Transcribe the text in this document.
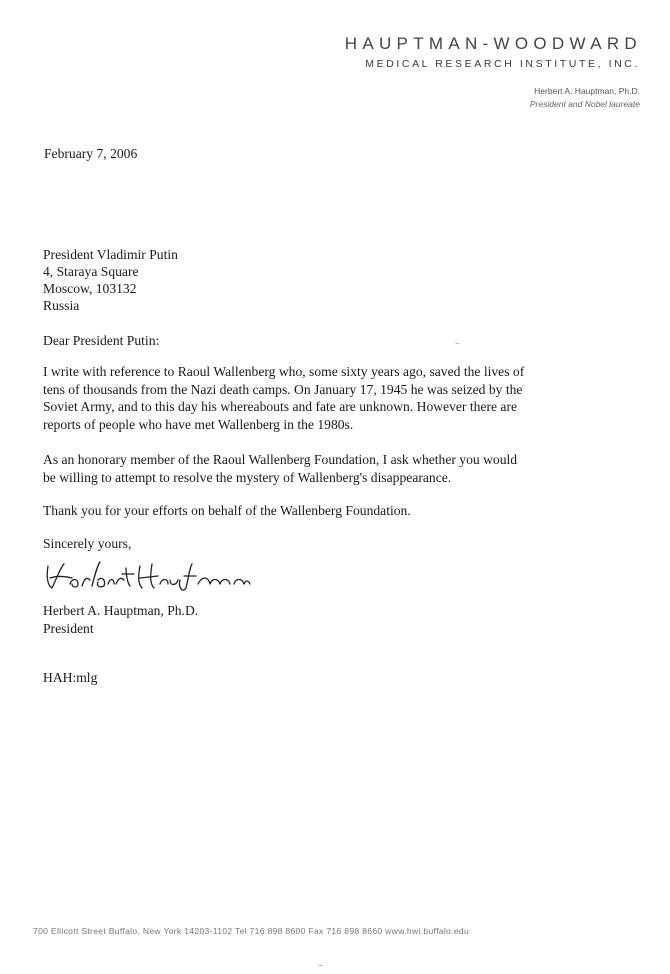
HAUPTMAN-WOODWARD
MEDICAL RESEARCH INSTITUTE, INC.
Herbert A. Hauptman, Ph.D.
President and Nobel laureate
February 7, 2006
President Vladimir Putin
4, Staraya Square
Moscow, 103132
Russia
Dear President Putin:
I write with reference to Raoul Wallenberg who, some sixty years ago, saved the lives of
tens of thousands from the Nazi death camps. On January 17, 1945 he was seized by the
Soviet Army, and to this day his whereabouts and fate are unknown. However there are
reports of people who have met Wallenberg in the 1980s.
As an honorary member of the Raoul Wallenberg Foundation, I ask whether you would
be willing to attempt to resolve the mystery of Wallenberg's disappearance.
Thank you for your efforts on behalf of the Wallenberg Foundation.
Sincerely yours,
Herbert A. Hauptman, Ph.D.
President
HAH:mlg
700 Ellicott Street Buffalo, New York 14203-1102 Tel 716 898 8600 Fax 716 898 8660 www.hwi.buffalo.edu
